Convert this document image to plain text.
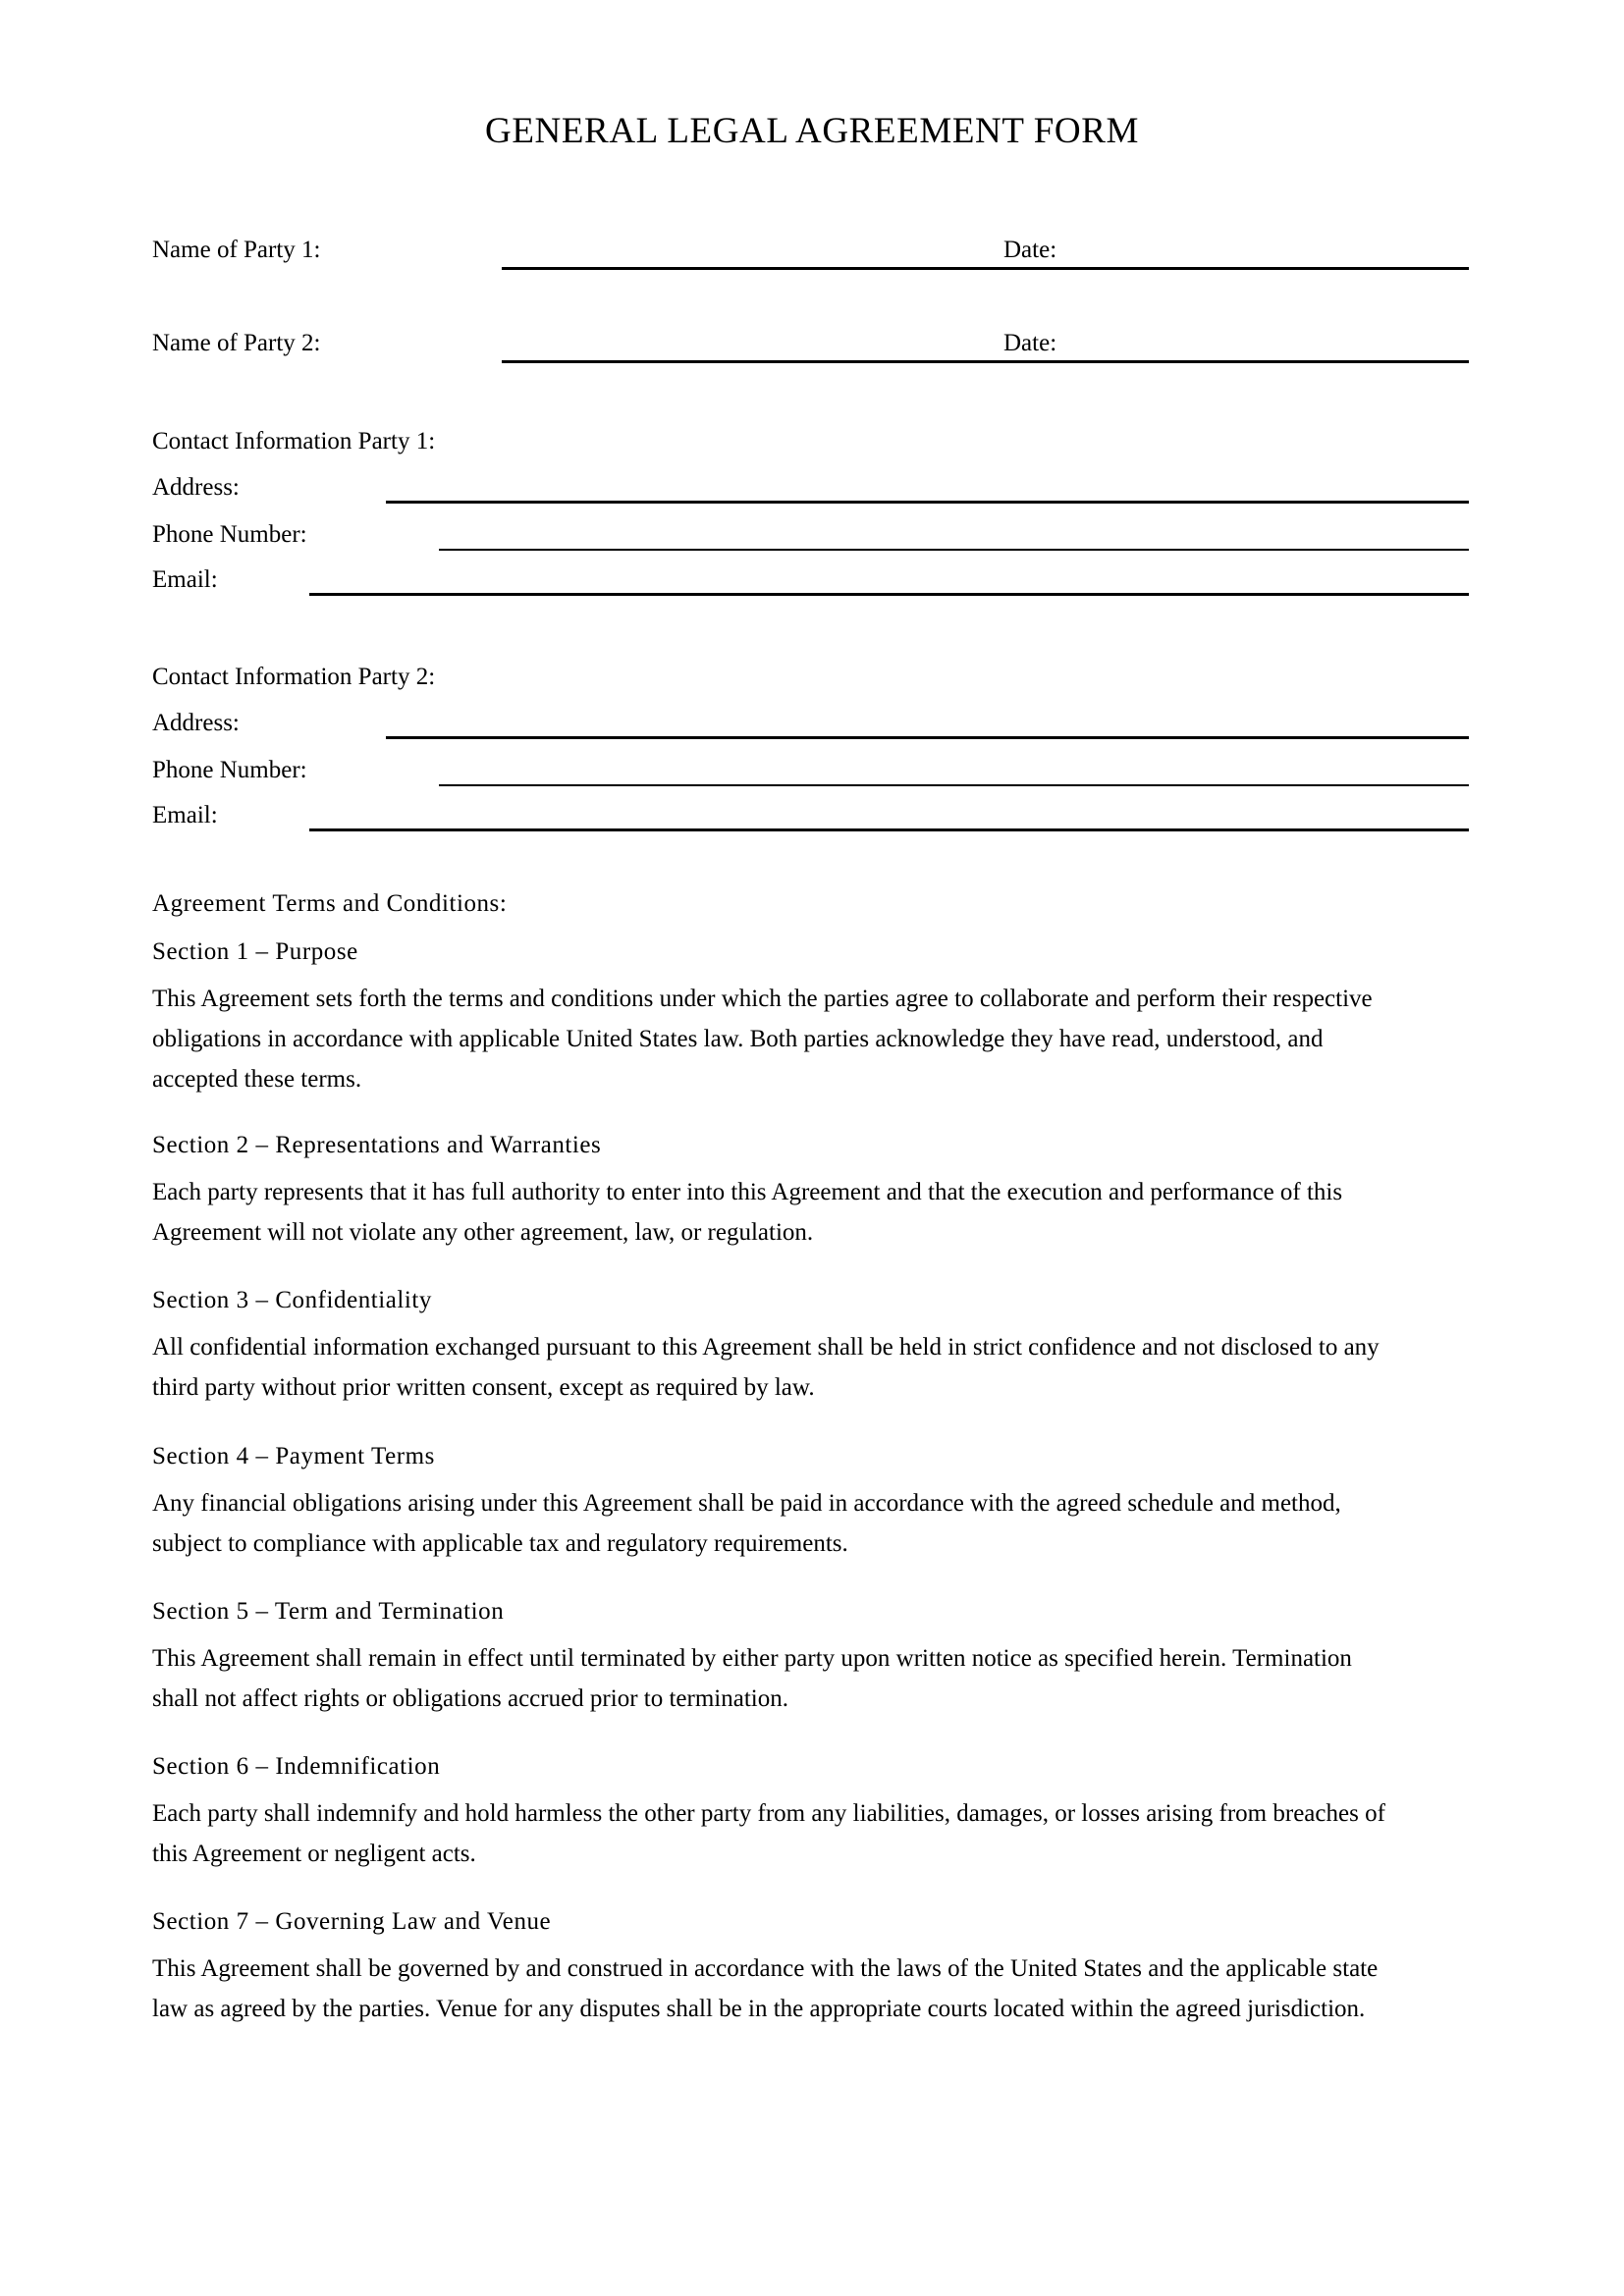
GENERAL LEGAL AGREEMENT FORM
Name of Party 1:	Date:
Name of Party 2:	Date:
Contact Information Party 1:
Address:
Phone Number:
Email:
Contact Information Party 2:
Address:
Phone Number:
Email:
Agreement Terms and Conditions:
Section 1 – Purpose
This Agreement sets forth the terms and conditions under which the parties agree to collaborate and perform their respective obligations in accordance with applicable United States law. Both parties acknowledge they have read, understood, and accepted these terms.
Section 2 – Representations and Warranties
Each party represents that it has full authority to enter into this Agreement and that the execution and performance of this Agreement will not violate any other agreement, law, or regulation.
Section 3 – Confidentiality
All confidential information exchanged pursuant to this Agreement shall be held in strict confidence and not disclosed to any third party without prior written consent, except as required by law.
Section 4 – Payment Terms
Any financial obligations arising under this Agreement shall be paid in accordance with the agreed schedule and method, subject to compliance with applicable tax and regulatory requirements.
Section 5 – Term and Termination
This Agreement shall remain in effect until terminated by either party upon written notice as specified herein. Termination shall not affect rights or obligations accrued prior to termination.
Section 6 – Indemnification
Each party shall indemnify and hold harmless the other party from any liabilities, damages, or losses arising from breaches of this Agreement or negligent acts.
Section 7 – Governing Law and Venue
This Agreement shall be governed by and construed in accordance with the laws of the United States and the applicable state law as agreed by the parties. Venue for any disputes shall be in the appropriate courts located within the agreed jurisdiction.
